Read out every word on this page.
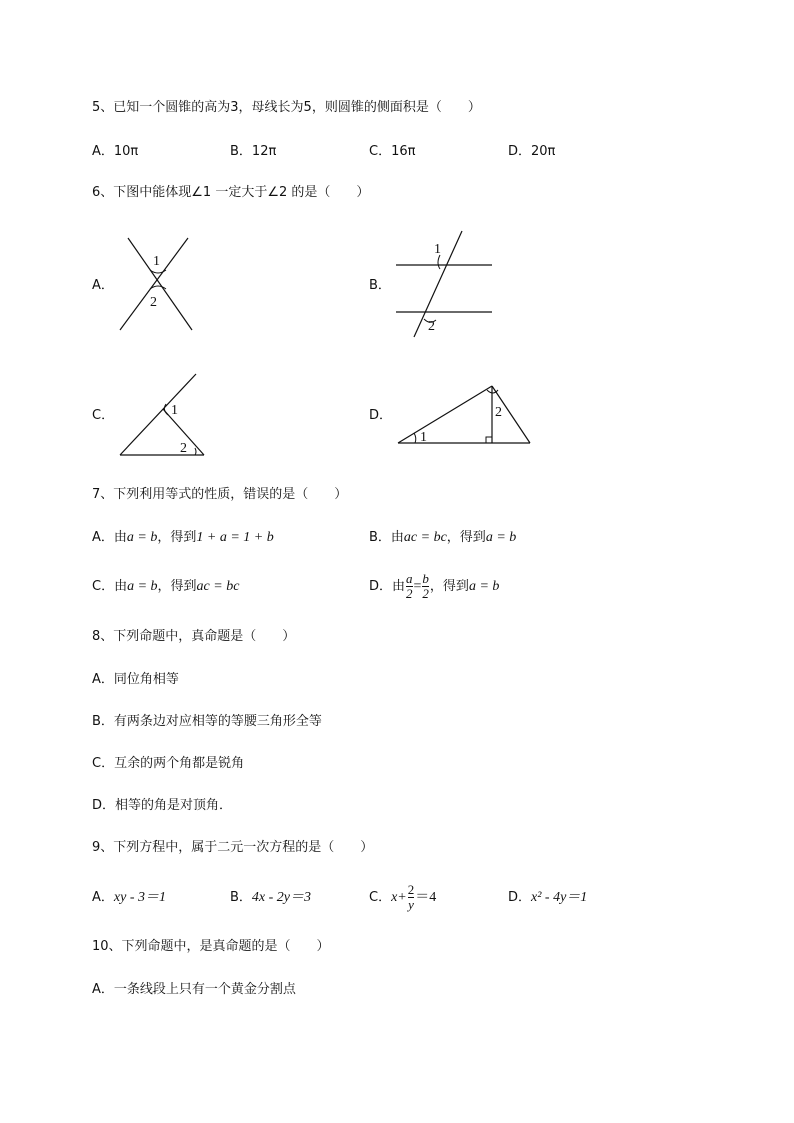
5、已知一个圆锥的高为3，母线长为5，则圆锥的侧面积是（　　）
A．10π	B．12π	C．16π	D．20π
6、下图中能体现∠1 一定大于∠2 的是（　　）
A．
1
2
B．
1
2
C．	1
2
D．
1
2
7、下列利用等式的性质，错误的是（　　）
A．由a = b，得到1 + a = 1 + b	B．由ac = bc，得到a = b
C．由a = b，得到ac = bc	D．由 $\frac{a}{2} = \frac{b}{2}$ ，得到a = b
8、下列命题中，真命题是（　　）
A．同位角相等
B．有两条边对应相等的等腰三角形全等
C．互余的两个角都是锐角
D．相等的角是对顶角．
9、下列方程中，属于二元一次方程的是（　　）
A．xy - 3＝1	B．4x - 2y＝3	C．$x+ \frac{2}{y} =4$	D．x² - 4y＝1
10、下列命题中，是真命题的是（　　）
A．一条线段上只有一个黄金分割点
